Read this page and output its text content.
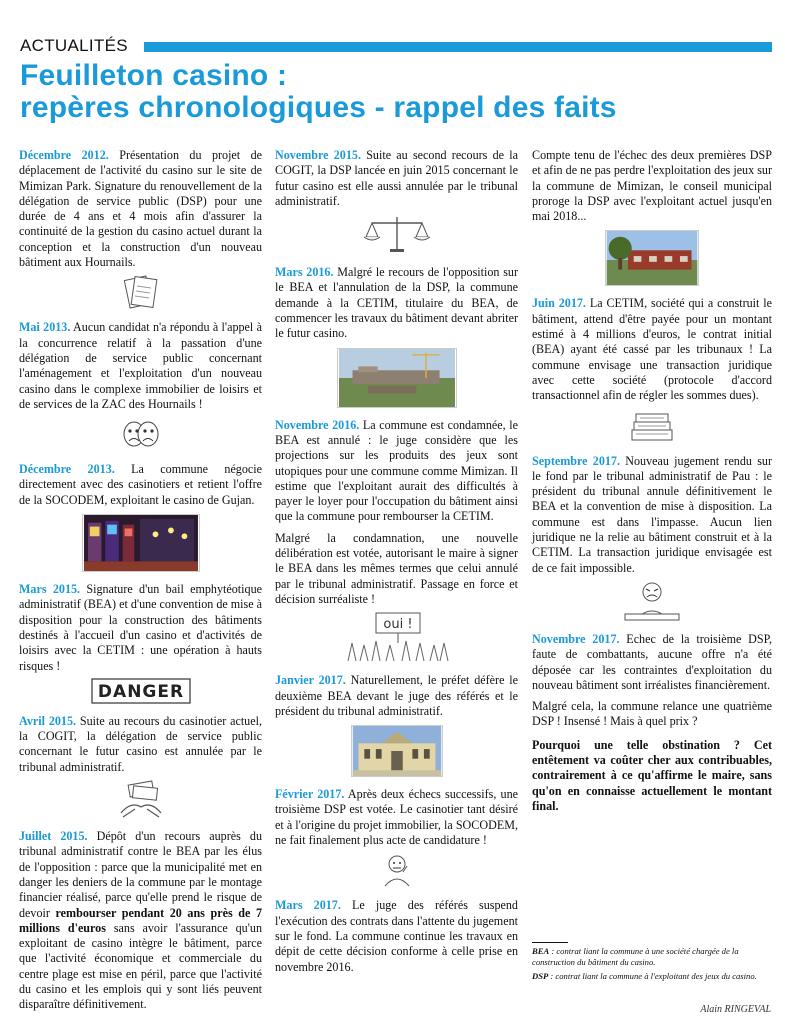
ACTUALITÉS
Feuilleton casino :
repères chronologiques - rappel des faits

Décembre 2012. Présentation du projet de déplacement de l'activité du casino sur le site de Mimizan Park. Signature du renouvellement de la délégation de service public (DSP) pour une durée de 4 ans et 4 mois afin d'assurer la continuité de la gestion du casino actuel durant la conception et la construction d'un nouveau bâtiment aux Hournails.

Mai 2013. Aucun candidat n'a répondu à l'appel à la concurrence relatif à la passation d'une délégation de service public concernant l'aménagement et l'exploitation d'un nouveau casino dans le complexe immobilier de loisirs et de services de la ZAC des Hournails !

Décembre 2013. La commune négocie directement avec des casinotiers et retient l'offre de la SOCODEM, exploitant le casino de Gujan.

Mars 2015. Signature d'un bail emphytéotique administratif (BEA) et d'une convention de mise à disposition pour la construction des bâtiments destinés à l'accueil d'un casino et d'activités de loisirs avec la CETIM : une opération à hauts risques !

DANGER

Avril 2015. Suite au recours du casinotier actuel, la COGIT, la délégation de service public concernant le futur casino est annulée par le tribunal administratif.

Juillet 2015. Dépôt d'un recours auprès du tribunal administratif contre le BEA par les élus de l'opposition : parce que la municipalité met en danger les deniers de la commune par le montage financier réalisé, parce qu'elle prend le risque de devoir rembourser pendant 20 ans près de 7 millions d'euros sans avoir l'assurance qu'un exploitant de casino intègre le bâtiment, parce que l'activité économique et commerciale du centre plage est mise en péril, parce que l'activité du casino et les emplois qui y sont liés peuvent disparaître définitivement.

Novembre 2015. Suite au second recours de la COGIT, la DSP lancée en juin 2015 concernant le futur casino est elle aussi annulée par le tribunal administratif.

Mars 2016. Malgré le recours de l'opposition sur le BEA et l'annulation de la DSP, la commune demande à la CETIM, titulaire du BEA, de commencer les travaux du bâtiment devant abriter le futur casino.

Novembre 2016. La commune est condamnée, le BEA est annulé : le juge considère que les projections sur les produits des jeux sont utopiques pour une commune comme Mimizan. Il estime que l'exploitant aurait des difficultés à payer le loyer pour l'occupation du bâtiment ainsi que la commune pour rembourser la CETIM.

Malgré la condamnation, une nouvelle délibération est votée, autorisant le maire à signer le BEA dans les mêmes termes que celui annulé par le tribunal administratif. Passage en force et décision surréaliste !

oui !

Janvier 2017. Naturellement, le préfet défère le deuxième BEA devant le juge des référés et le président du tribunal administratif.

Février 2017. Après deux échecs successifs, une troisième DSP est votée. Le casinotier tant désiré et à l'origine du projet immobilier, la SOCODEM, ne fait finalement plus acte de candidature !

Mars 2017. Le juge des référés suspend l'exécution des contrats dans l'attente du jugement sur le fond. La commune continue les travaux en dépit de cette décision conforme à celle prise en novembre 2016.

Compte tenu de l'échec des deux premières DSP et afin de ne pas perdre l'exploitation des jeux sur la commune de Mimizan, le conseil municipal proroge la DSP avec l'exploitant actuel jusqu'en mai 2018...

Juin 2017. La CETIM, société qui a construit le bâtiment, attend d'être payée pour un montant estimé à 4 millions d'euros, le contrat initial (BEA) ayant été cassé par les tribunaux ! La commune envisage une transaction juridique avec cette société (protocole d'accord transactionnel afin de régler les sommes dues).

Septembre 2017. Nouveau jugement rendu sur le fond par le tribunal administratif de Pau : le président du tribunal annule définitivement le BEA et la convention de mise à disposition. La commune est dans l'impasse. Aucun lien juridique ne la relie au bâtiment construit et à la CETIM. La transaction juridique envisagée est de ce fait impossible.

Novembre 2017. Echec de la troisième DSP, faute de combattants, aucune offre n'a été déposée car les contraintes d'exploitation du nouveau bâtiment sont irréalistes financièrement.

Malgré cela, la commune relance une quatrième DSP ! Insensé ! Mais à quel prix ?

Pourquoi une telle obstination ? Cet entêtement va coûter cher aux contribuables, contrairement à ce qu'affirme le maire, sans qu'on en connaisse actuellement le montant final.

BEA : contrat liant la commune à une société chargée de la construction du bâtiment du casino.

DSP : contrat liant la commune à l'exploitant des jeux du casino.

Alain RINGEVAL
